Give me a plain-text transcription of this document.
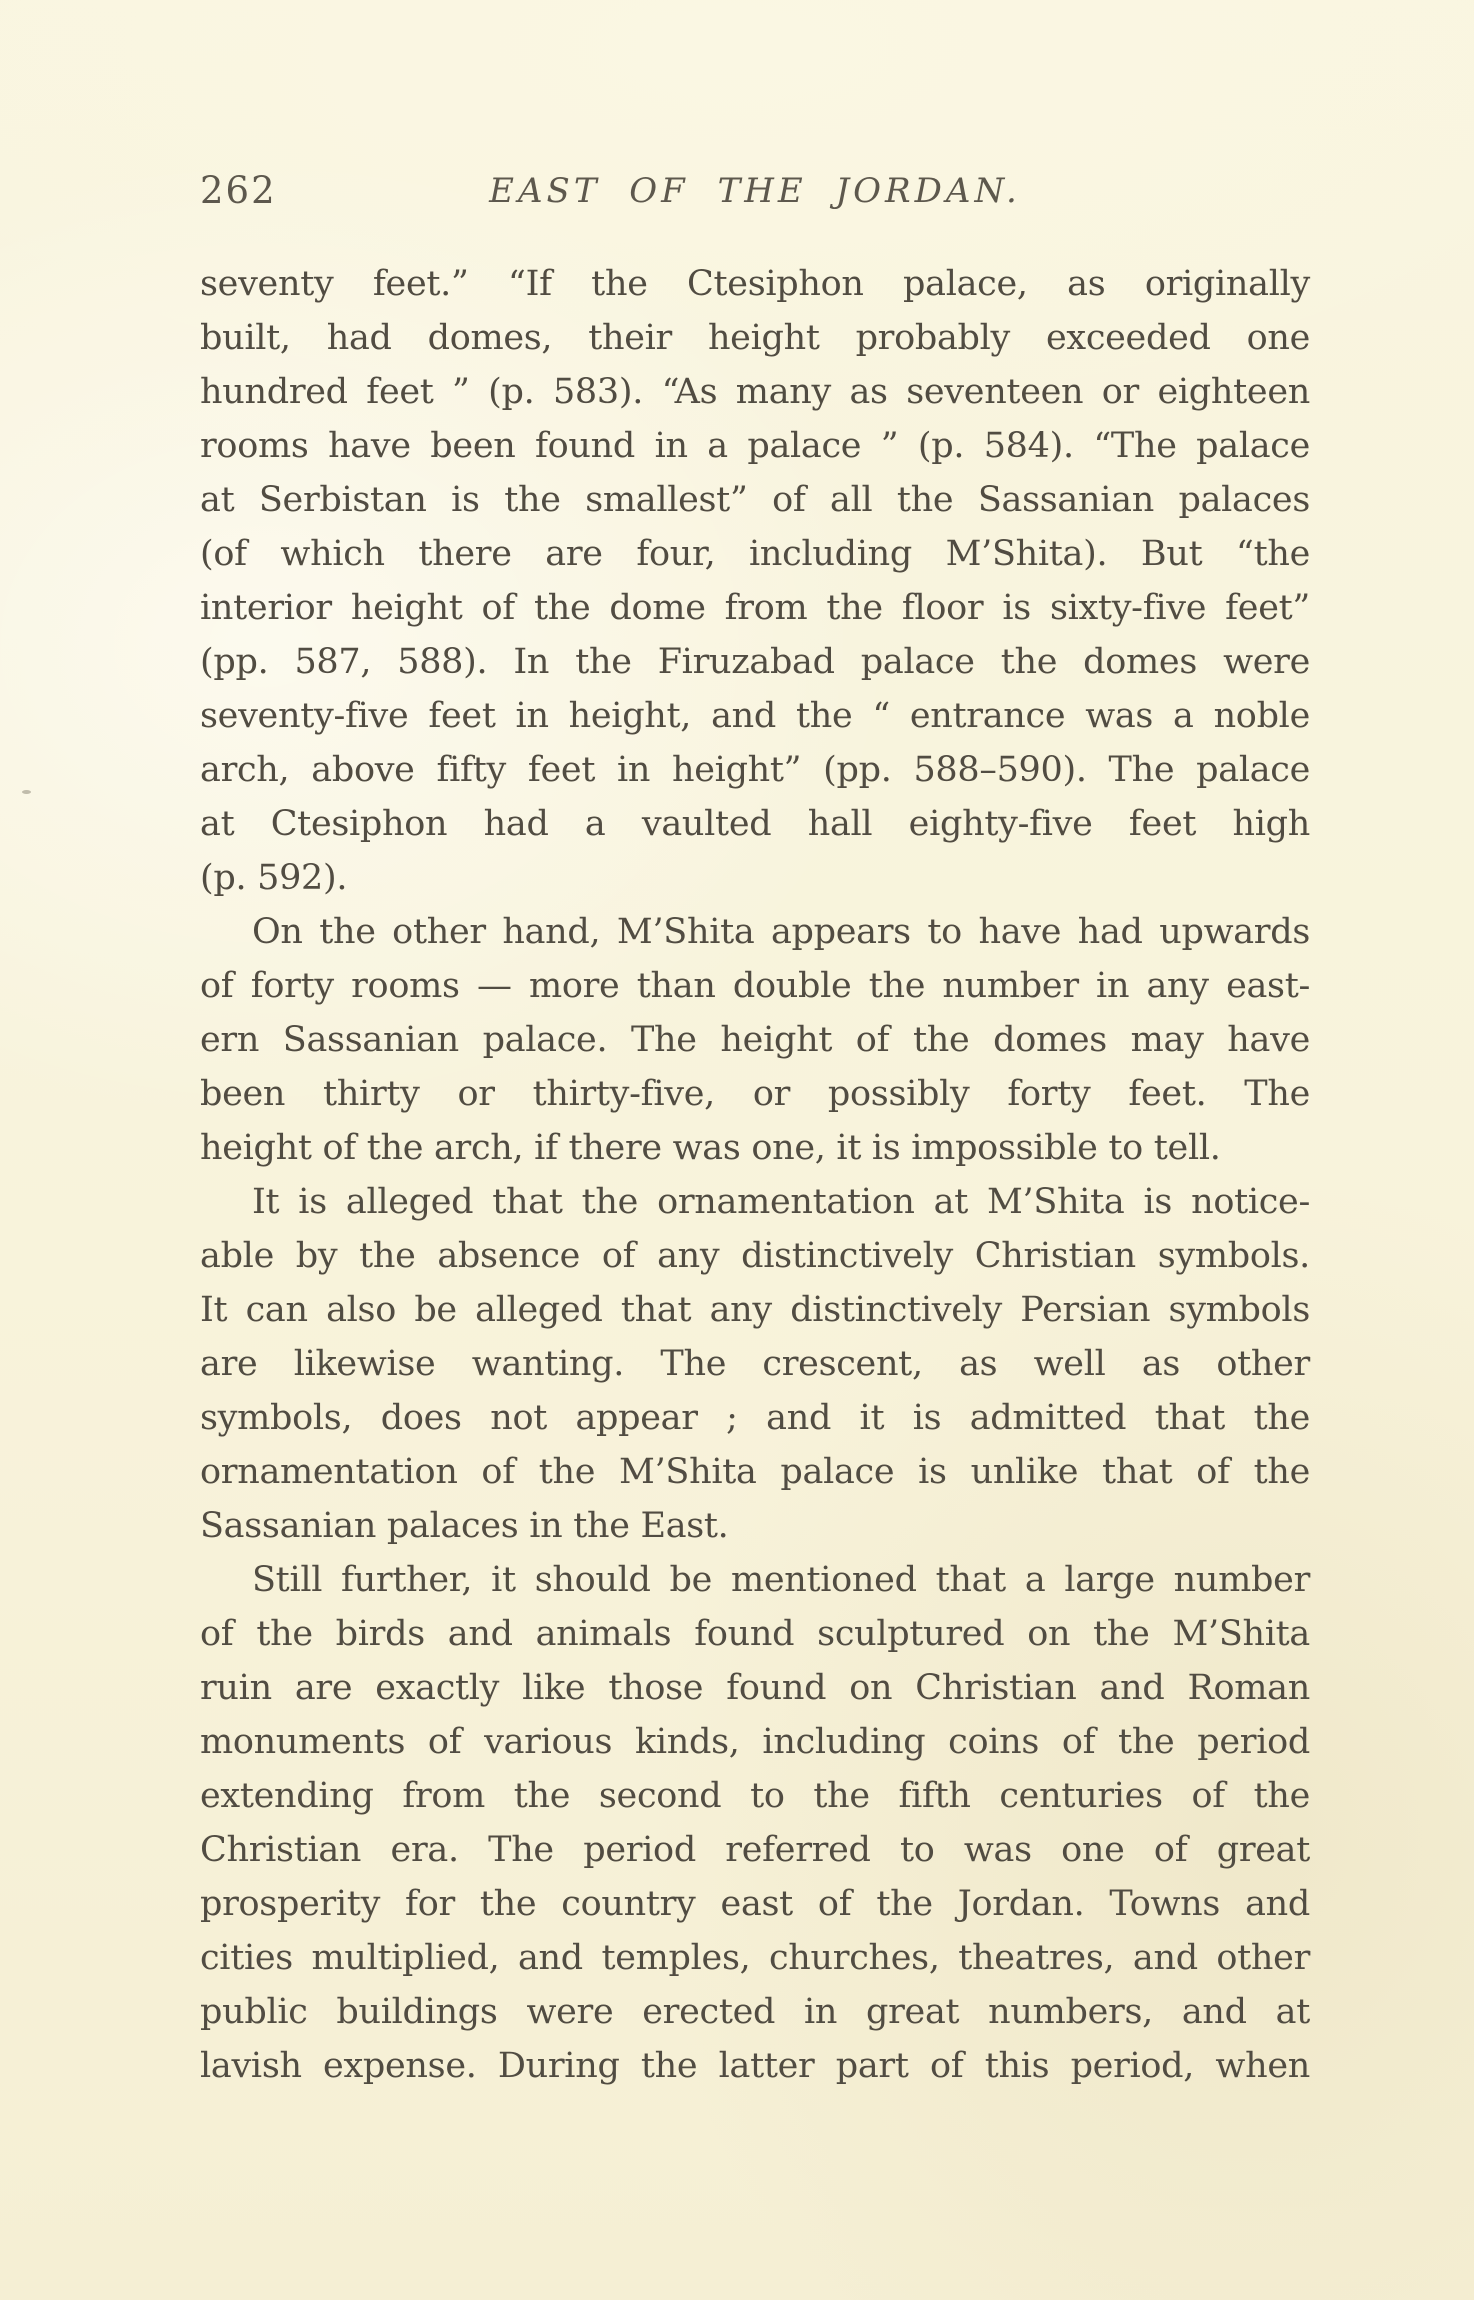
262	EAST OF THE JORDAN.
seventy feet.” “If the Ctesiphon palace, as originally
built, had domes, their height probably exceeded one
hundred feet ” (p. 583). “As many as seventeen or eighteen
rooms have been found in a palace ” (p. 584). “The palace
at Serbistan is the smallest” of all the Sassanian palaces
(of which there are four, including M’Shita). But “the
interior height of the dome from the floor is sixty-five feet”
(pp. 587, 588). In the Firuzabad palace the domes were
seventy-five feet in height, and the “ entrance was a noble
arch, above fifty feet in height” (pp. 588–590). The palace
at Ctesiphon had a vaulted hall eighty-five feet high
(p. 592).
On the other hand, M’Shita appears to have had upwards
of forty rooms — more than double the number in any east-
ern Sassanian palace. The height of the domes may have
been thirty or thirty-five, or possibly forty feet. The
height of the arch, if there was one, it is impossible to tell.
It is alleged that the ornamentation at M’Shita is notice-
able by the absence of any distinctively Christian symbols.
It can also be alleged that any distinctively Persian symbols
are likewise wanting. The crescent, as well as other
symbols, does not appear ; and it is admitted that the
ornamentation of the M’Shita palace is unlike that of the
Sassanian palaces in the East.
Still further, it should be mentioned that a large number
of the birds and animals found sculptured on the M’Shita
ruin are exactly like those found on Christian and Roman
monuments of various kinds, including coins of the period
extending from the second to the fifth centuries of the
Christian era. The period referred to was one of great
prosperity for the country east of the Jordan. Towns and
cities multiplied, and temples, churches, theatres, and other
public buildings were erected in great numbers, and at
lavish expense. During the latter part of this period, when
